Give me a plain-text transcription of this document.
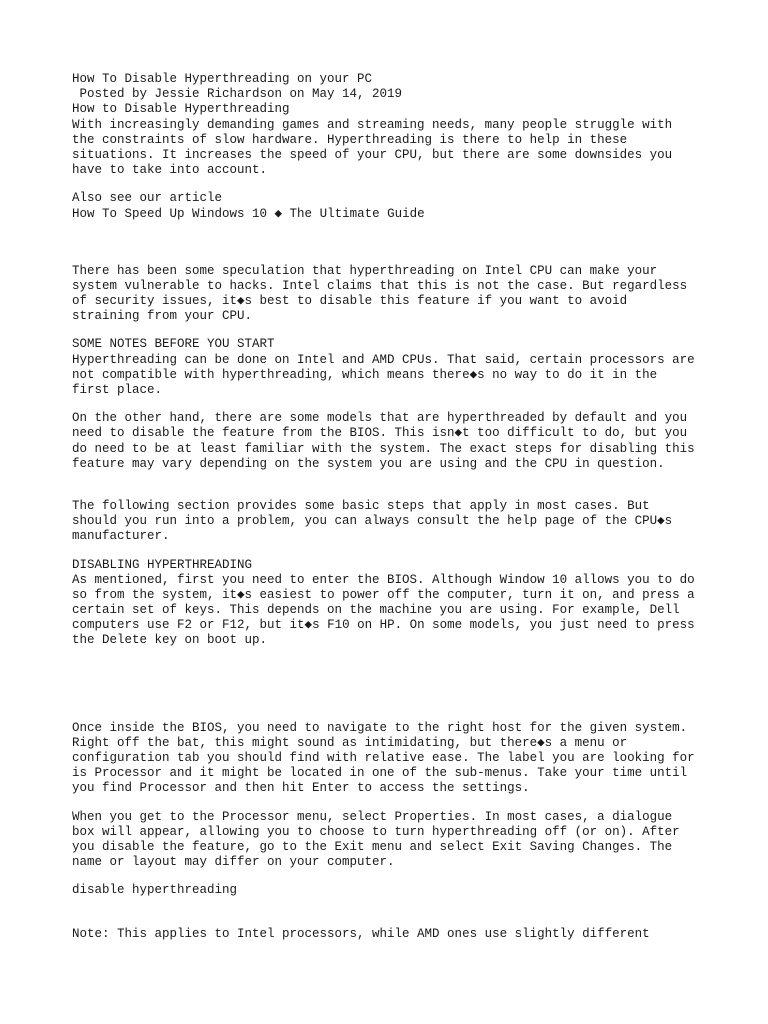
How To Disable Hyperthreading on your PC
Posted by Jessie Richardson on May 14, 2019
How to Disable Hyperthreading
With increasingly demanding games and streaming needs, many people struggle with
the constraints of slow hardware. Hyperthreading is there to help in these
situations. It increases the speed of your CPU, but there are some downsides you
have to take into account.
Also see our article
How To Speed Up Windows 10 ◆ The Ultimate Guide
There has been some speculation that hyperthreading on Intel CPU can make your
system vulnerable to hacks. Intel claims that this is not the case. But regardless
of security issues, it◆s best to disable this feature if you want to avoid
straining from your CPU.
SOME NOTES BEFORE YOU START
Hyperthreading can be done on Intel and AMD CPUs. That said, certain processors are
not compatible with hyperthreading, which means there◆s no way to do it in the
first place.
On the other hand, there are some models that are hyperthreaded by default and you
need to disable the feature from the BIOS. This isn◆t too difficult to do, but you
do need to be at least familiar with the system. The exact steps for disabling this
feature may vary depending on the system you are using and the CPU in question.
The following section provides some basic steps that apply in most cases. But
should you run into a problem, you can always consult the help page of the CPU◆s
manufacturer.
DISABLING HYPERTHREADING
As mentioned, first you need to enter the BIOS. Although Window 10 allows you to do
so from the system, it◆s easiest to power off the computer, turn it on, and press a
certain set of keys. This depends on the machine you are using. For example, Dell
computers use F2 or F12, but it◆s F10 on HP. On some models, you just need to press
the Delete key on boot up.
Once inside the BIOS, you need to navigate to the right host for the given system.
Right off the bat, this might sound as intimidating, but there◆s a menu or
configuration tab you should find with relative ease. The label you are looking for
is Processor and it might be located in one of the sub-menus. Take your time until
you find Processor and then hit Enter to access the settings.
When you get to the Processor menu, select Properties. In most cases, a dialogue
box will appear, allowing you to choose to turn hyperthreading off (or on). After
you disable the feature, go to the Exit menu and select Exit Saving Changes. The
name or layout may differ on your computer.
disable hyperthreading
Note: This applies to Intel processors, while AMD ones use slightly different
